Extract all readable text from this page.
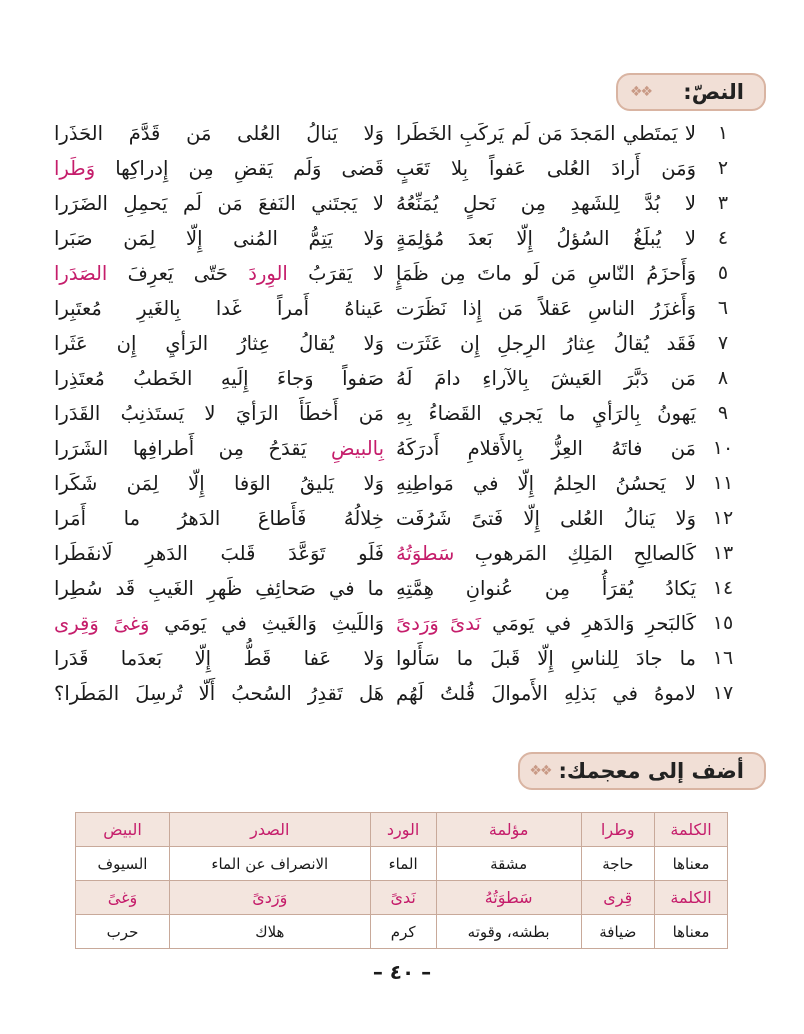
النصّ:
❖❖
١
لا يَمتَطي المَجدَ مَن لَم يَركَبِ الخَطَرا
وَلا يَنالُ العُلى مَن قَدَّمَ الحَذَرا
٢
وَمَن أَرادَ العُلى عَفواً بِلا تَعَبٍ
قَضى وَلَم يَقضِ مِن إِدراكِها وَطَرا
٣
لا بُدَّ لِلشَهدِ مِن نَحلٍ يُمَنِّعُهُ
لا يَجتَني النَفعَ مَن لَم يَحمِلِ الضَرَرا
٤
لا يُبلَغُ السُؤلُ إِلّا بَعدَ مُؤلِمَةٍ
وَلا يَتِمُّ المُنى إِلّا لِمَن صَبَرا
٥
وَأَحزَمُ النّاسِ مَن لَو ماتَ مِن ظَمَإٍ
لا يَقرَبُ الوِردَ حَتّى يَعرِفَ الصَدَرا
٦
وَأَغزَرُ الناسِ عَقلاً مَن إِذا نَظَرَت
عَيناهُ أَمراً غَدا بِالغَيرِ مُعتَبِرا
٧
فَقَد يُقالُ عِثارُ الرِجلِ إِن عَثَرَت
وَلا يُقالُ عِثارُ الرَأيِ إِن عَثَرا
٨
مَن دَبَّرَ العَيشَ بِالآراءِ دامَ لَهُ
صَفواً وَجاءَ إِلَيهِ الخَطبُ مُعتَذِرا
٩
يَهونُ بِالرَأيِ ما يَجري القَضاءُ بِهِ
مَن أَخطَأَ الرَأيَ لا يَستَذنِبُ القَدَرا
١٠
مَن فاتَهُ العِزُّ بِالأَقلامِ أَدرَكَهُ
بِالبيضِ يَقدَحُ مِن أَطرافِها الشَرَرا
١١
لا يَحسُنُ الحِلمُ إِلّا في مَواطِنِهِ
وَلا يَليقُ الوَفا إِلّا لِمَن شَكَرا
١٢
وَلا يَنالُ العُلى إِلّا فَتىً شَرُفَت
خِلالُهُ فَأَطاعَ الدَهرُ ما أَمَرا
١٣
كَالصالِحِ المَلِكِ المَرهوبِ سَطوَتُهُ
فَلَو تَوَعَّدَ قَلبَ الدَهرِ لَانفَطَرا
١٤
يَكادُ يُقرَأُ مِن عُنوانِ هِمَّتِهِ
ما في صَحائِفِ ظَهرِ الغَيبِ قَد سُطِرا
١٥
كَالبَحرِ وَالدَهرِ في يَومَي نَدىً وَرَدىً
وَاللَيثِ وَالغَيثِ في يَومَي وَغىً وَقِرى
١٦
ما جادَ لِلناسِ إِلّا قَبلَ ما سَأَلوا
وَلا عَفا قَطُّ إِلّا بَعدَما قَدَرا
١٧
لاموهُ في بَذلِهِ الأَموالَ قُلتُ لَهُم
هَل تَقدِرُ السُحبُ أَلّا تُرسِلَ المَطَرا؟
أضف إلى معجمك:
❖❖
الكلمة	وطرا	مؤلمة	الورد	الصدر	البيض
معناها	حاجة	مشقة	الماء	الانصراف عن الماء	السيوف
الكلمة	قِرى	سَطوَتُهُ	نَدىً	وَرَدىً	وَغىً
معناها	ضيافة	بطشه، وقوته	كرم	هلاك	حرب
– ٤٠ –
